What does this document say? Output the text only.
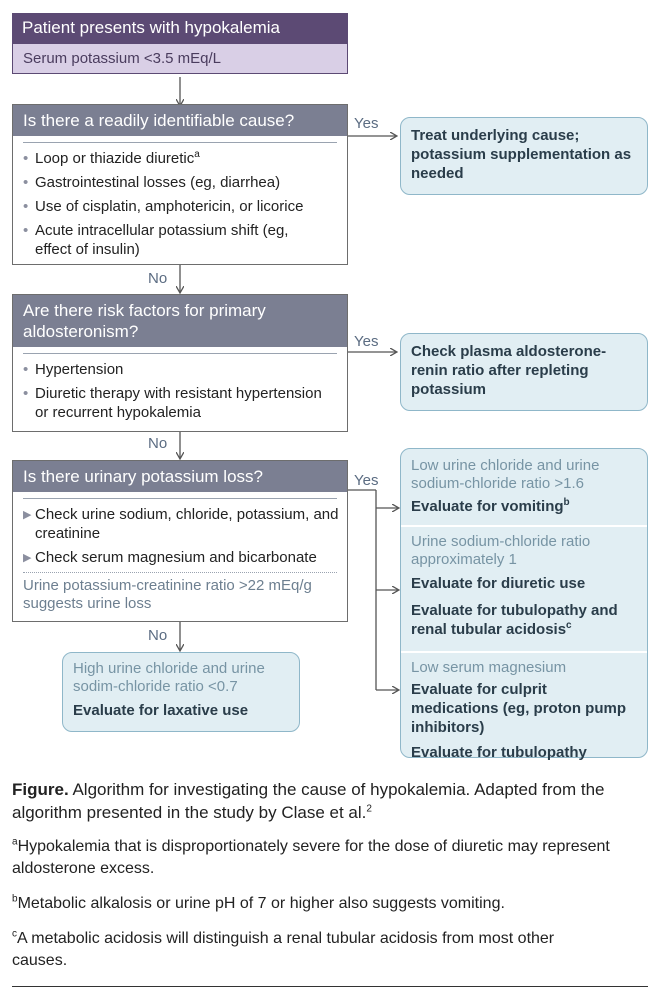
Yes
No
Yes
No
Yes
No
Patient presents with hypokalemia
Serum potassium <3.5 mEq/L
Is there a readily identifiable cause?
• Loop or thiazide diuretic$^a$
• Gastrointestinal losses (eg, diarrhea)
• Use of cisplatin, amphotericin, or licorice
• Acute intracellular potassium shift (eg, effect of insulin)
Treat underlying cause; potassium supplementation as needed
Are there risk factors for primary aldosteronism?
• Hypertension
• Diuretic therapy with resistant hypertension or recurrent hypokalemia
Check plasma aldosterone-renin ratio after repleting potassium
Is there urinary potassium loss?
▶ Check urine sodium, chloride, potassium, and creatinine
▶ Check serum magnesium and bicarbonate
Urine potassium-creatinine ratio >22 mEq/g suggests urine loss
High urine chloride and urine sodim-chloride ratio <0.7
Evaluate for laxative use
Low urine chloride and urine sodium-chloride ratio >1.6
Evaluate for vomiting$^b$
Urine sodium-chloride ratio approximately 1
Evaluate for diuretic use
Evaluate for tubulopathy and renal tubular acidosis$^c$
Low serum magnesium
Evaluate for culprit medications (eg, proton pump inhibitors)
Evaluate for tubulopathy
Figure. Algorithm for investigating the cause of hypokalemia. Adapted from the algorithm presented in the study by Clase et al.$^2$
$^a$Hypokalemia that is disproportionately severe for the dose of diuretic may represent aldosterone excess.
$^b$Metabolic alkalosis or urine pH of 7 or higher also suggests vomiting.
$^c$A metabolic acidosis will distinguish a renal tubular acidosis from most other causes.
